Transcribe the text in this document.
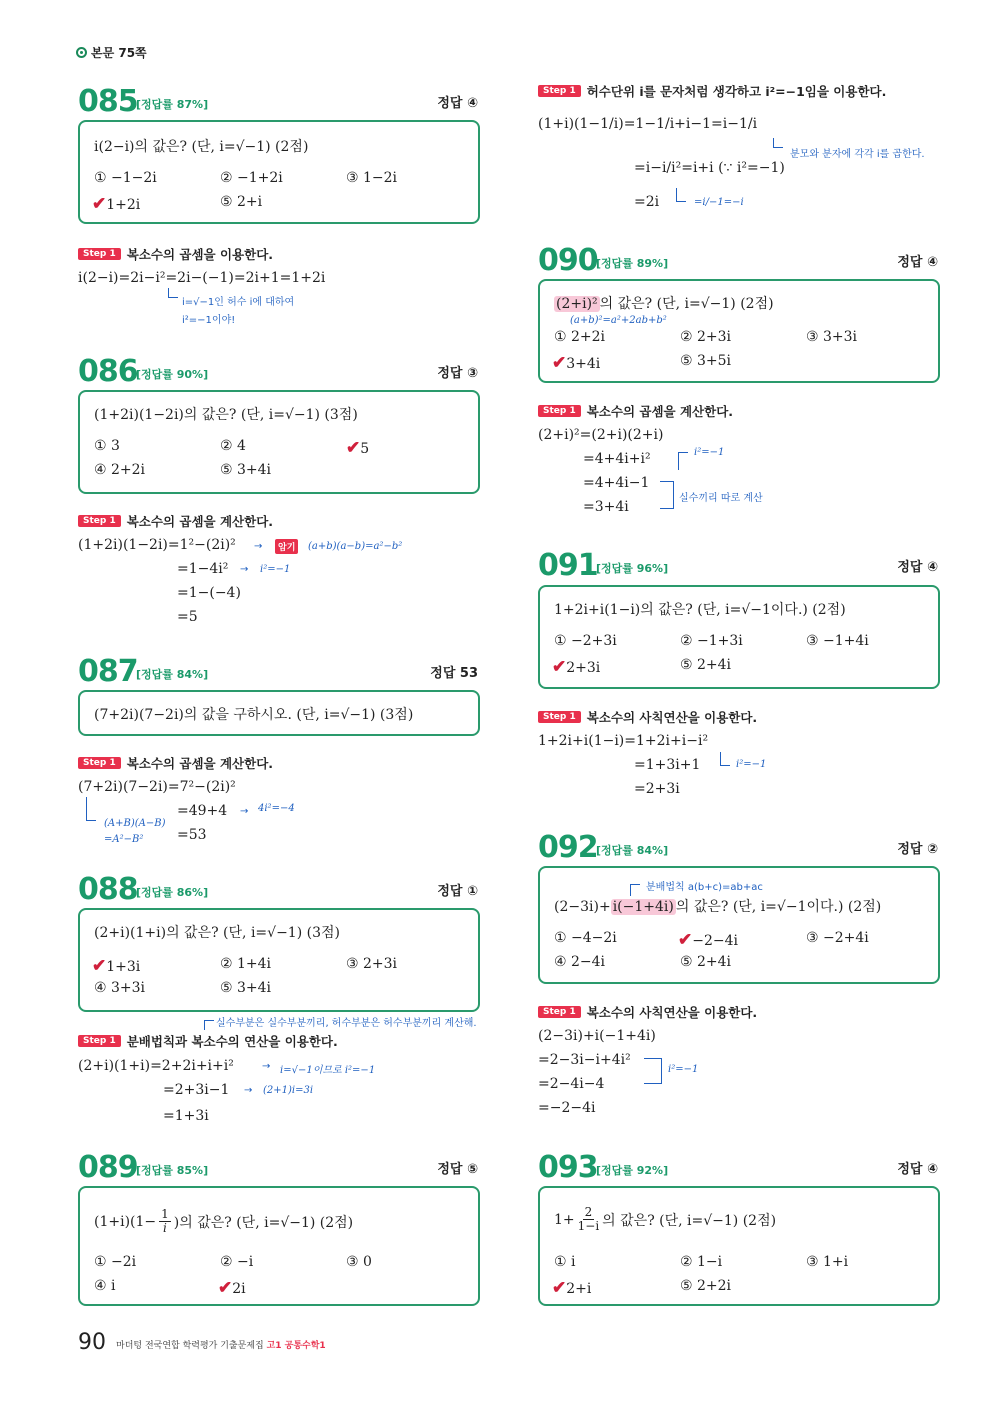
본문 75쪽
085
[정답률 87%]	정답 ④
i(2−i)의 값은? (단, i=√−1) (2점)
① −1−2i	② −1+2i	③ 1−2i
✔1+2i	⑤ 2+i
Step 1 복소수의 곱셈을 이용한다.
i(2−i)=2i−i²=2i−(−1)=2i+1=1+2i
i=√−1인 허수 i에 대하여
i²=−1이야!
086
[정답률 90%]	정답 ③
(1+2i)(1−2i)의 값은? (단, i=√−1) (3점)
① 3	② 4	✔5
④ 2+2i	⑤ 3+4i
Step 1 복소수의 곱셈을 계산한다.
(1+2i)(1−2i)=1²−(2i)² →	암기	(a+b)(a−b)=a²−b²
=1−4i² → i²=−1
=1−(−4)
=5
087
[정답률 84%]	정답 53
(7+2i)(7−2i)의 값을 구하시오. (단, i=√−1) (3점)
Step 1 복소수의 곱셈을 계산한다.
(7+2i)(7−2i)=7²−(2i)²
=49+4 → 4i²=−4
(A+B)(A−B)
=A²−B² =53
088
[정답률 86%]	정답 ①
(2+i)(1+i)의 값은? (단, i=√−1) (3점)
✔1+3i	② 1+4i	③ 2+3i
④ 3+3i	⑤ 3+4i
실수부분은 실수부분끼리, 허수부분은 허수부분끼리 계산해.
Step 1 분배법칙과 복소수의 연산을 이용한다.
(2+i)(1+i)=2+2i+i+i²	→ i=√−1이므로 i²=−1
=2+3i−1 → (2+1)i=3i
=1+3i
089
[정답률 85%]	정답 ⑤
$(1+i)(1- \frac{1}{i}$ )의 값은? (단, i=√−1) (2점)
① −2i	② −i	③ 0
④ i	✔2i
Step 1 허수단위 i를 문자처럼 생각하고 i²=−1임을 이용한다.
(1+i)(1−1/i)=1−1/i+i−1=i−1/i
분모와 분자에 각각 i를 곱한다.
=i−i/i²=i+i (∵ i²=−1)
=2i	=i/−1=−i
090
[정답률 89%]	정답 ④
(2+i)² 의 값은? (단, i=√−1) (2점)
(a+b)²=a²+2ab+b²
① 2+2i	② 2+3i	③ 3+3i
✔3+4i	⑤ 3+5i
Step 1 복소수의 곱셈을 계산한다.
(2+i)²=(2+i)(2+i)
=4+4i+i²	i²=−1
=4+4i−1
실수끼리 따로 계산
=3+4i
091
[정답률 96%]	정답 ④
1+2i+i(1−i)의 값은? (단, i=√−1이다.) (2점)
① −2+3i	② −1+3i	③ −1+4i
✔2+3i	⑤ 2+4i
Step 1 복소수의 사칙연산을 이용한다.
1+2i+i(1−i)=1+2i+i−i²
=1+3i+1	i²=−1
=2+3i
092
[정답률 84%]	정답 ②
분배법칙 a(b+c)=ab+ac
(2−3i)+ i(−1+4i) 의 값은? (단, i=√−1이다.) (2점)
① −4−2i	✔−2−4i	③ −2+4i
④ 2−4i	⑤ 2+4i
Step 1 복소수의 사칙연산을 이용한다.
(2−3i)+i(−1+4i)
=2−3i−i+4i²
i²=−1
=2−4i−4
=−2−4i
093
[정답률 92%]	정답 ④
$1+ \frac{2}{1-i}$ 의 값은? (단, i=√−1) (2점)
① i	② 1−i	③ 1+i
✔2+i	⑤ 2+2i
90 마더텅 전국연합 학력평가 기출문제집 고1 공통수학1
